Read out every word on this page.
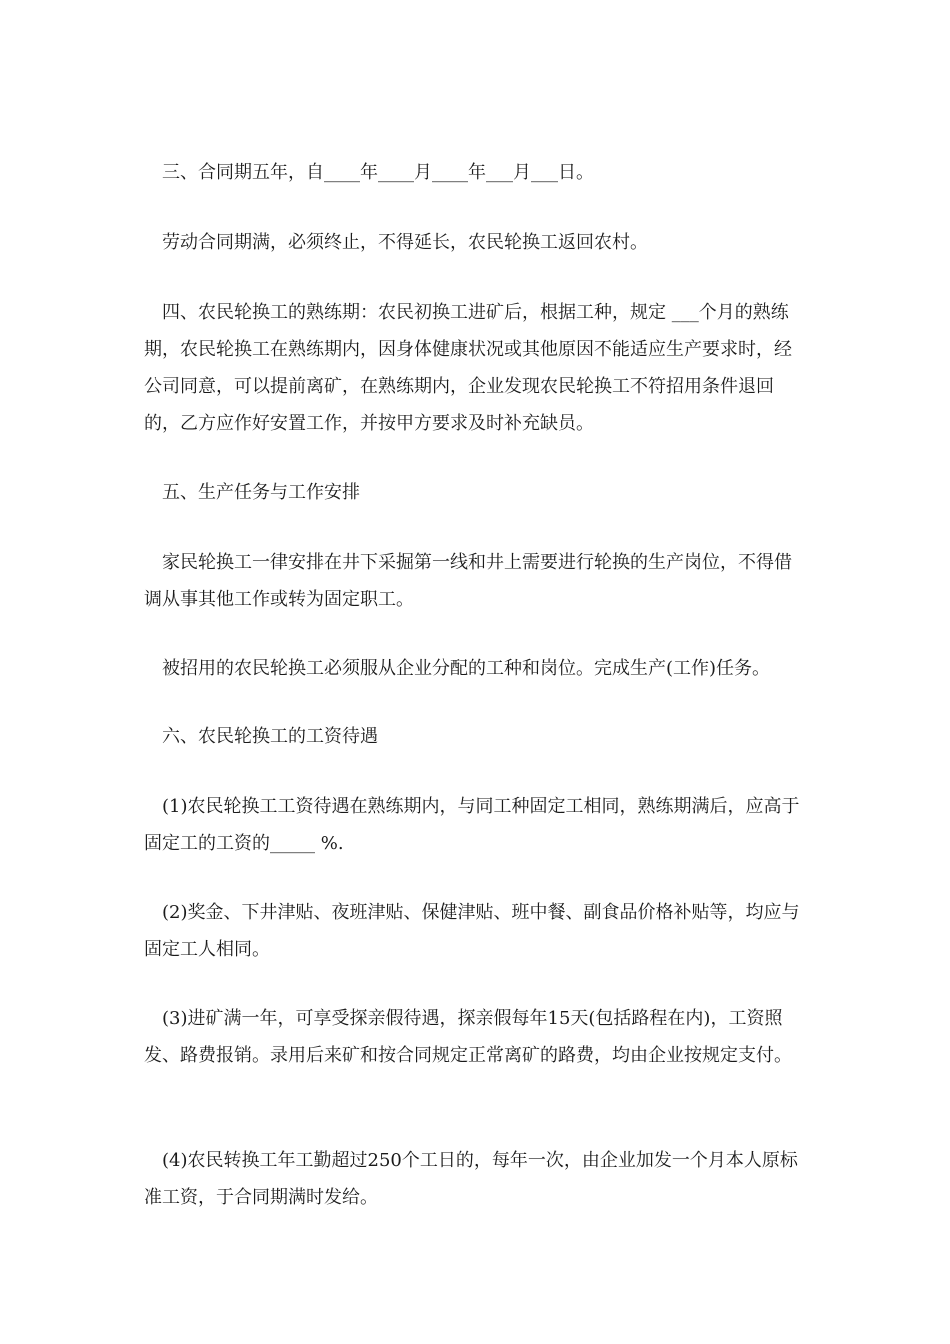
　三、合同期五年，自____年____月____年___月___日。

　劳动合同期满，必须终止，不得延长，农民轮换工返回农村。

　四、农民轮换工的熟练期：农民初换工进矿后，根据工种，规定 ___个月的熟练期，农民轮换工在熟练期内，因身体健康状况或其他原因不能适应生产要求时，经公司同意，可以提前离矿，在熟练期内，企业发现农民轮换工不符招用条件退回的，乙方应作好安置工作，并按甲方要求及时补充缺员。

　五、生产任务与工作安排

　家民轮换工一律安排在井下采掘第一线和井上需要进行轮换的生产岗位，不得借调从事其他工作或转为固定职工。

　被招用的农民轮换工必须服从企业分配的工种和岗位。完成生产(工作)任务。

　六、农民轮换工的工资待遇

　(1)农民轮换工工资待遇在熟练期内，与同工种固定工相同，熟练期满后，应高于固定工的工资的_____ %.

　(2)奖金、下井津贴、夜班津贴、保健津贴、班中餐、副食品价格补贴等，均应与固定工人相同。

　(3)进矿满一年，可享受探亲假待遇，探亲假每年15天(包括路程在内)，工资照发、路费报销。录用后来矿和按合同规定正常离矿的路费，均由企业按规定支付。

　(4)农民转换工年工勤超过250个工日的，每年一次，由企业加发一个月本人原标准工资，于合同期满时发给。
